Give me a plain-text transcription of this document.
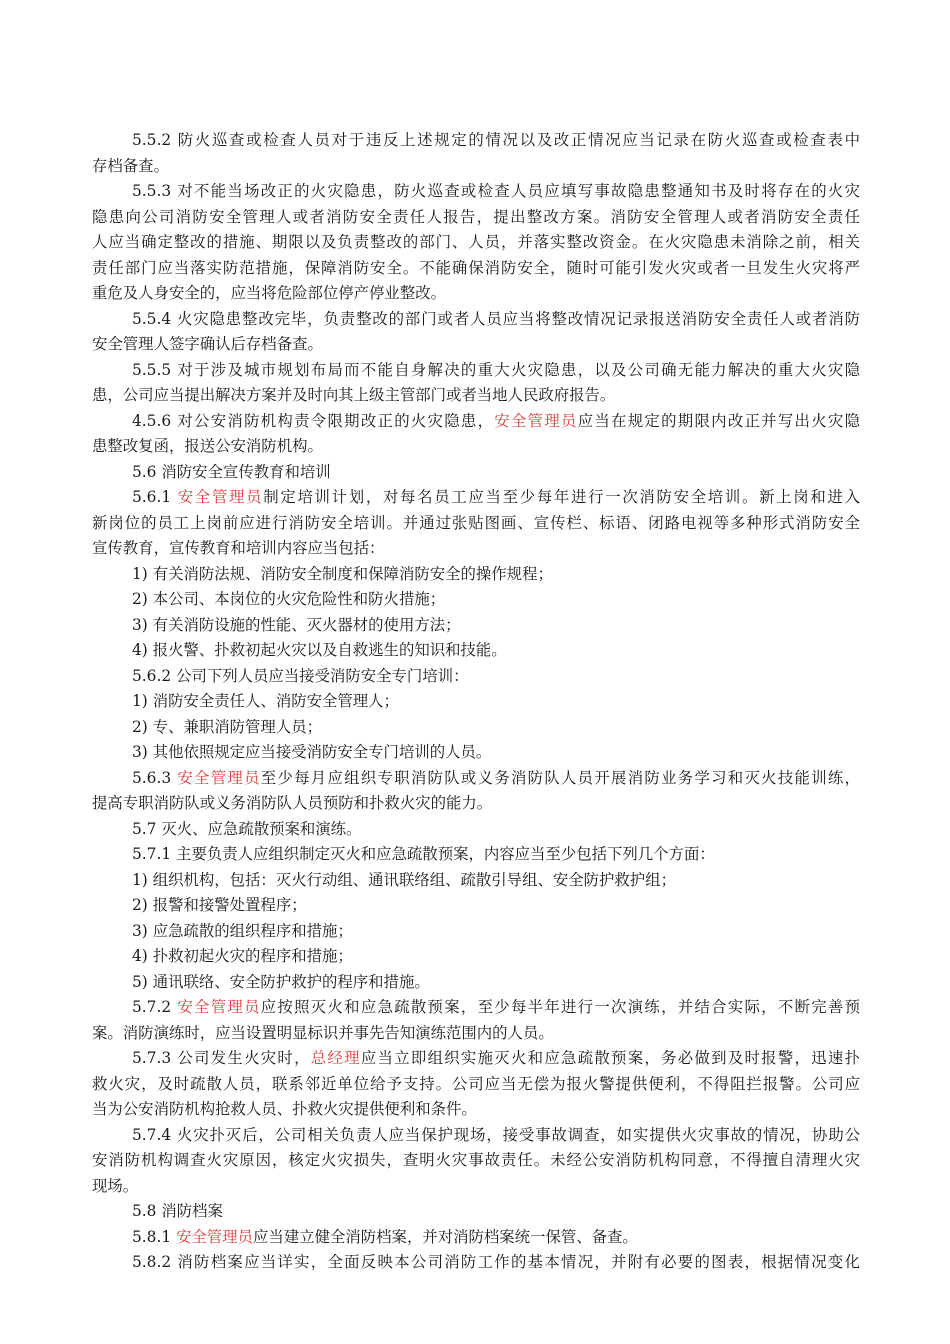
5.5.2 防火巡查或检查人员对于违反上述规定的情况以及改正情况应当记录在防火巡查或检查表中
存档备查。
5.5.3 对不能当场改正的火灾隐患，防火巡查或检查人员应填写事故隐患整通知书及时将存在的火灾
隐患向公司消防安全管理人或者消防安全责任人报告，提出整改方案。消防安全管理人或者消防安全责任
人应当确定整改的措施、期限以及负责整改的部门、人员，并落实整改资金。在火灾隐患未消除之前，相关
责任部门应当落实防范措施，保障消防安全。不能确保消防安全，随时可能引发火灾或者一旦发生火灾将严
重危及人身安全的，应当将危险部位停产停业整改。
5.5.4 火灾隐患整改完毕，负责整改的部门或者人员应当将整改情况记录报送消防安全责任人或者消防
安全管理人签字确认后存档备查。
5.5.5 对于涉及城市规划布局而不能自身解决的重大火灾隐患，以及公司确无能力解决的重大火灾隐
患，公司应当提出解决方案并及时向其上级主管部门或者当地人民政府报告。
4.5.6 对公安消防机构责令限期改正的火灾隐患，安全管理员应当在规定的期限内改正并写出火灾隐
患整改复函，报送公安消防机构。
5.6 消防安全宣传教育和培训
5.6.1 安全管理员制定培训计划，对每名员工应当至少每年进行一次消防安全培训。新上岗和进入
新岗位的员工上岗前应进行消防安全培训。并通过张贴图画、宣传栏、标语、闭路电视等多种形式消防安全
宣传教育，宣传教育和培训内容应当包括：
1) 有关消防法规、消防安全制度和保障消防安全的操作规程；
2) 本公司、本岗位的火灾危险性和防火措施；
3) 有关消防设施的性能、灭火器材的使用方法；
4) 报火警、扑救初起火灾以及自救逃生的知识和技能。
5.6.2 公司下列人员应当接受消防安全专门培训：
1) 消防安全责任人、消防安全管理人；
2) 专、兼职消防管理人员；
3) 其他依照规定应当接受消防安全专门培训的人员。
5.6.3 安全管理员至少每月应组织专职消防队或义务消防队人员开展消防业务学习和灭火技能训练，
提高专职消防队或义务消防队人员预防和扑救火灾的能力。
5.7 灭火、应急疏散预案和演练。
5.7.1 主要负责人应组织制定灭火和应急疏散预案，内容应当至少包括下列几个方面：
1) 组织机构，包括：灭火行动组、通讯联络组、疏散引导组、安全防护救护组；
2) 报警和接警处置程序；
3) 应急疏散的组织程序和措施；
4) 扑救初起火灾的程序和措施；
5) 通讯联络、安全防护救护的程序和措施。
5.7.2 安全管理员应按照灭火和应急疏散预案，至少每半年进行一次演练，并结合实际，不断完善预
案。消防演练时，应当设置明显标识并事先告知演练范围内的人员。
5.7.3 公司发生火灾时，总经理应当立即组织实施灭火和应急疏散预案，务必做到及时报警，迅速扑
救火灾，及时疏散人员，联系邻近单位给予支持。公司应当无偿为报火警提供便利，不得阻拦报警。公司应
当为公安消防机构抢救人员、扑救火灾提供便利和条件。
5.7.4 火灾扑灭后，公司相关负责人应当保护现场，接受事故调查，如实提供火灾事故的情况，协助公
安消防机构调查火灾原因，核定火灾损失，查明火灾事故责任。未经公安消防机构同意，不得擅自清理火灾
现场。
5.8 消防档案
5.8.1 安全管理员应当建立健全消防档案，并对消防档案统一保管、备查。
5.8.2 消防档案应当详实，全面反映本公司消防工作的基本情况，并附有必要的图表，根据情况变化
